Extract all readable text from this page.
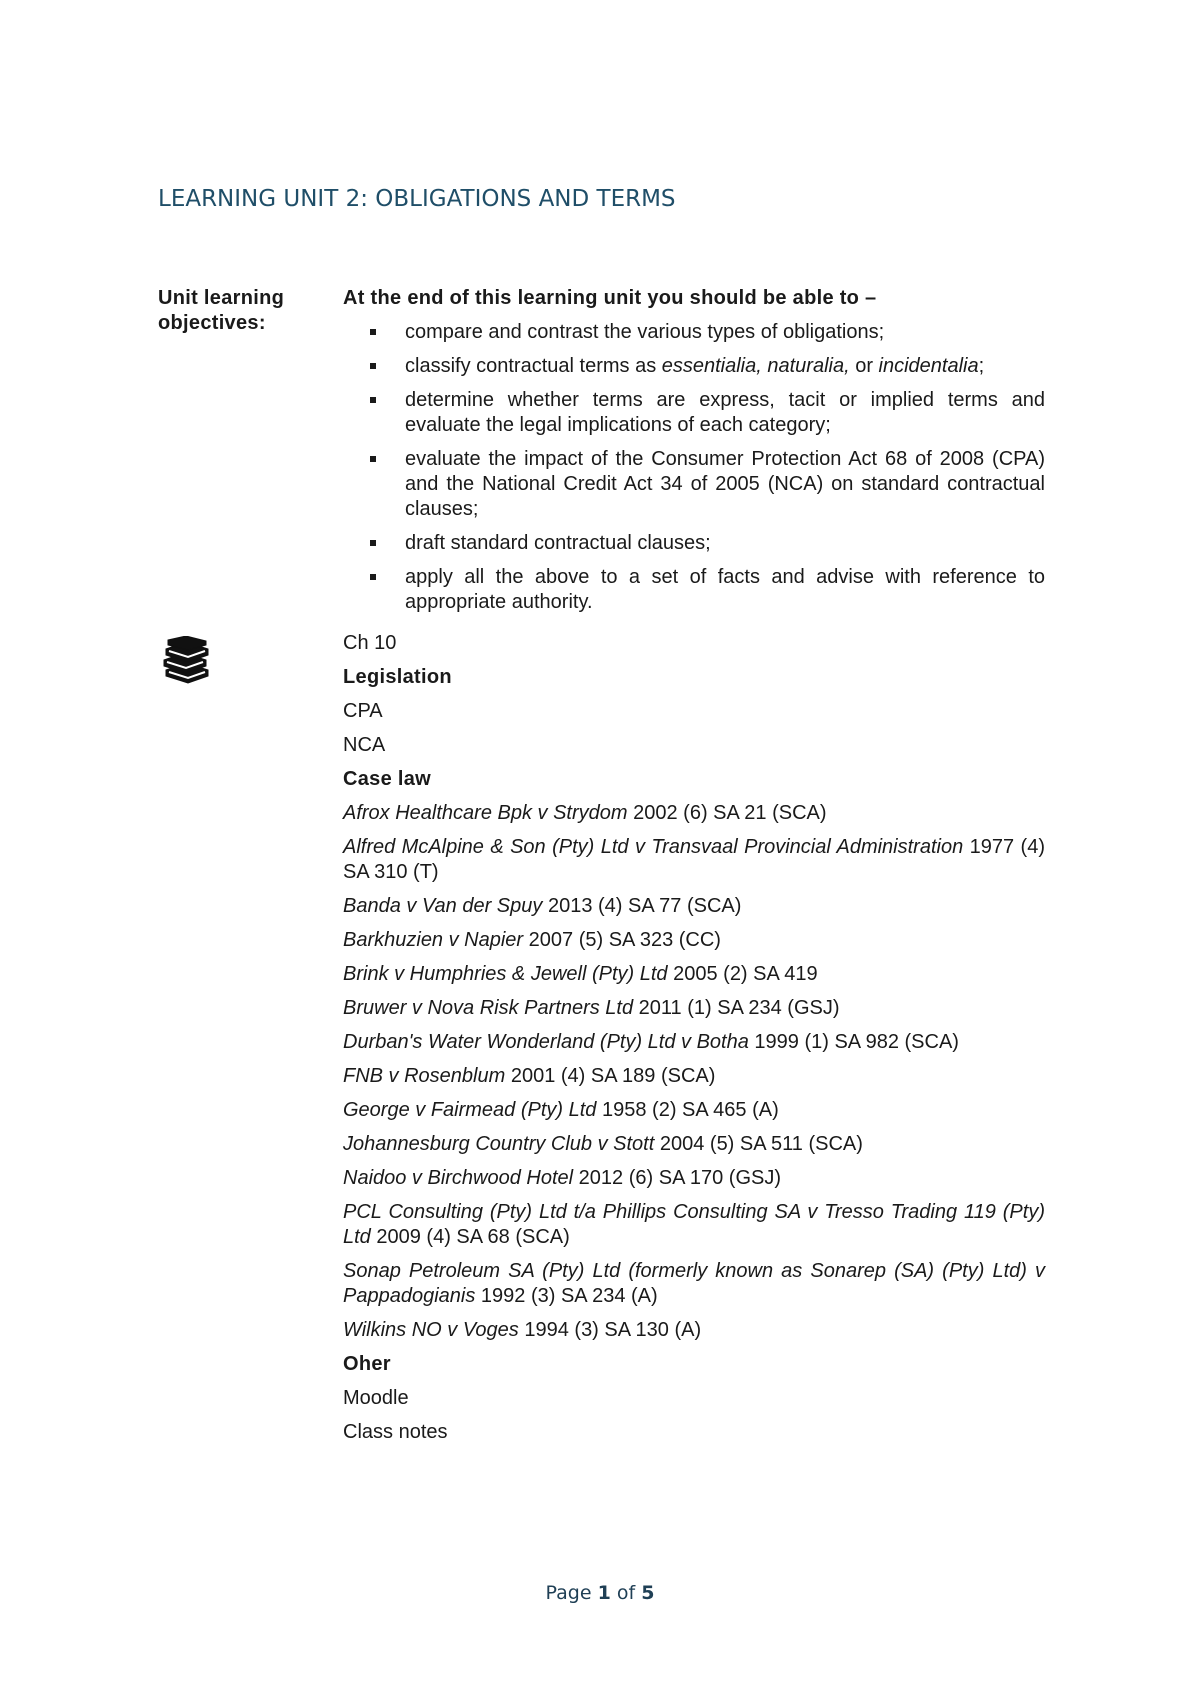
LEARNING UNIT 2: OBLIGATIONS AND TERMS
Unit learning objectives:
At the end of this learning unit you should be able to –
compare and contrast the various types of obligations;
classify contractual terms as essentialia, naturalia, or incidentalia;
determine whether terms are express, tacit or implied terms and evaluate the legal implications of each category;
evaluate the impact of the Consumer Protection Act 68 of 2008 (CPA) and the National Credit Act 34 of 2005 (NCA) on standard contractual clauses;
draft standard contractual clauses;
apply all the above to a set of facts and advise with reference to appropriate authority.
Ch 10
Legislation
CPA
NCA
Case law
Afrox Healthcare Bpk v Strydom 2002 (6) SA 21 (SCA)
Alfred McAlpine & Son (Pty) Ltd v Transvaal Provincial Administration 1977 (4) SA 310 (T)
Banda v Van der Spuy 2013 (4) SA 77 (SCA)
Barkhuzien v Napier 2007 (5) SA 323 (CC)
Brink v Humphries & Jewell (Pty) Ltd 2005 (2) SA 419
Bruwer v Nova Risk Partners Ltd 2011 (1) SA 234 (GSJ)
Durban's Water Wonderland (Pty) Ltd v Botha 1999 (1) SA 982 (SCA)
FNB v Rosenblum 2001 (4) SA 189 (SCA)
George v Fairmead (Pty) Ltd 1958 (2) SA 465 (A)
Johannesburg Country Club v Stott 2004 (5) SA 511 (SCA)
Naidoo v Birchwood Hotel 2012 (6) SA 170 (GSJ)
PCL Consulting (Pty) Ltd t/a Phillips Consulting SA v Tresso Trading 119 (Pty) Ltd 2009 (4) SA 68 (SCA)
Sonap Petroleum SA (Pty) Ltd (formerly known as Sonarep (SA) (Pty) Ltd) v Pappadogianis 1992 (3) SA 234 (A)
Wilkins NO v Voges 1994 (3) SA 130 (A)
Oher
Moodle
Class notes
Page 1 of 5
